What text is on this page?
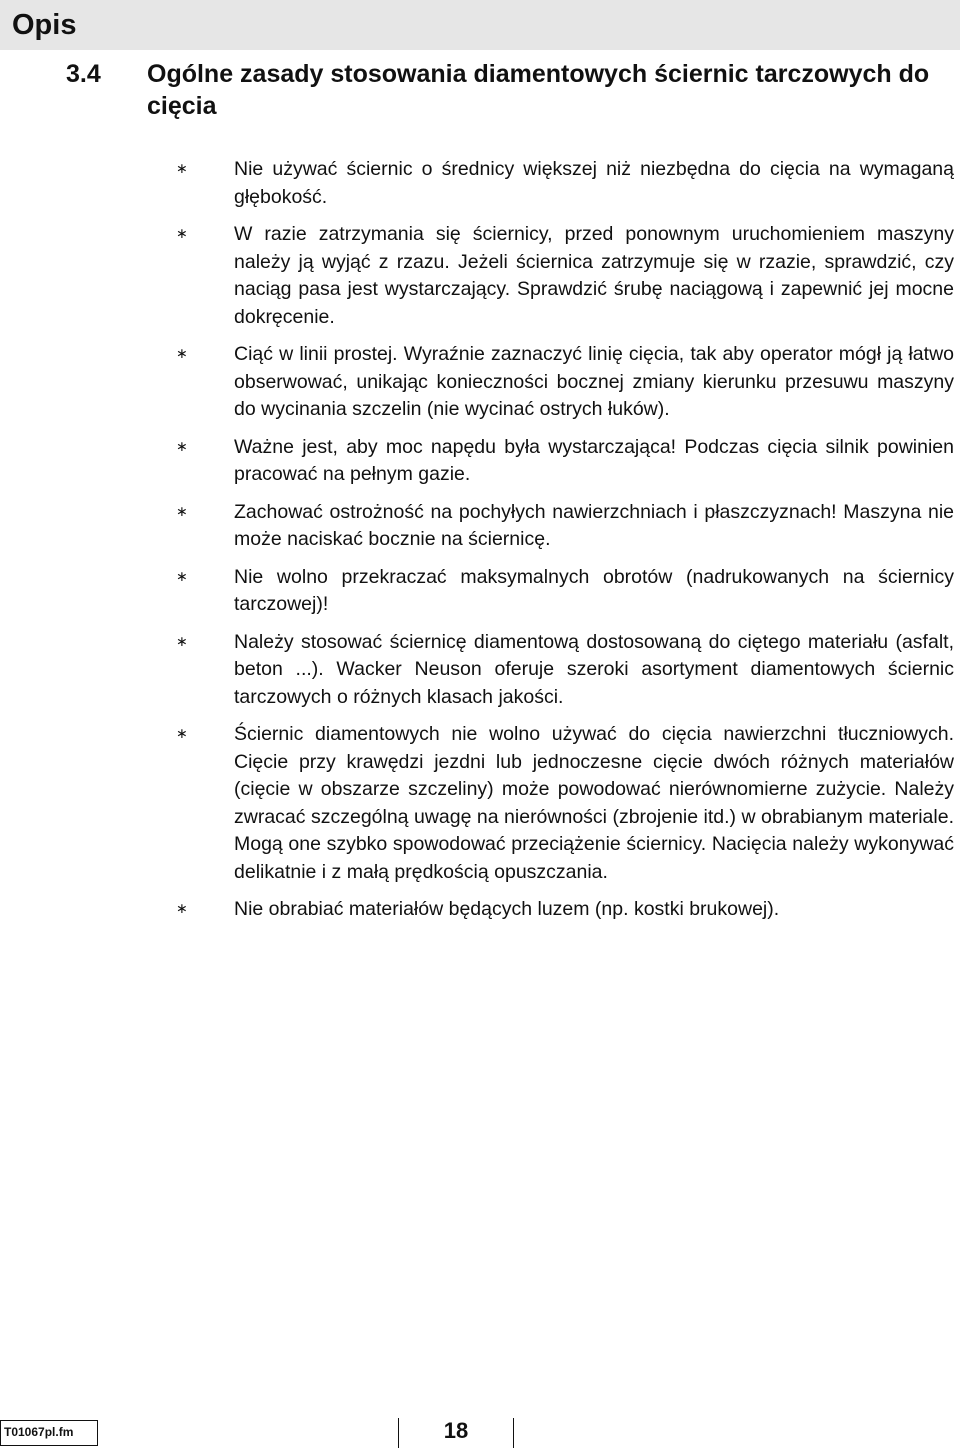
Opis
3.4	Ogólne zasady stosowania diamentowych ściernic tarczowych do cięcia
∗	Nie używać ściernic o średnicy większej niż niezbędna do cięcia na wymaganą głębokość.
∗	W razie zatrzymania się ściernicy, przed ponownym uruchomieniem maszyny należy ją wyjąć z rzazu. Jeżeli ściernica zatrzymuje się w rzazie, sprawdzić, czy naciąg pasa jest wystarczający. Sprawdzić śrubę naciągową i zapewnić jej mocne dokręcenie.
∗	Ciąć w linii prostej. Wyraźnie zaznaczyć linię cięcia, tak aby operator mógł ją łatwo obserwować, unikając konieczności bocznej zmiany kierunku przesuwu maszyny do wycinania szczelin (nie wycinać ostrych łuków).
∗	Ważne jest, aby moc napędu była wystarczająca! Podczas cięcia silnik powinien pracować na pełnym gazie.
∗	Zachować ostrożność na pochyłych nawierzchniach i płaszczyznach! Maszyna nie może naciskać bocznie na ściernicę.
∗	Nie wolno przekraczać maksymalnych obrotów (nadrukowanych na ściernicy tarczowej)!
∗	Należy stosować ściernicę diamentową dostosowaną do ciętego materiału (asfalt, beton ...). Wacker Neuson oferuje szeroki asortyment diamentowych ściernic tarczowych o różnych klasach jakości.
∗	Ściernic diamentowych nie wolno używać do cięcia nawierzchni tłuczniowych. Cięcie przy krawędzi jezdni lub jednoczesne cięcie dwóch różnych materiałów (cięcie w obszarze szczeliny) może powodować nierównomierne zużycie. Należy zwracać szczególną uwagę na nierówności (zbrojenie itd.) w obrabianym materiale. Mogą one szybko spowodować przeciążenie ściernicy. Nacięcia należy wykonywać delikatnie i z małą prędkością opuszczania.
∗	Nie obrabiać materiałów będących luzem (np. kostki brukowej).
T01067pl.fm	18
